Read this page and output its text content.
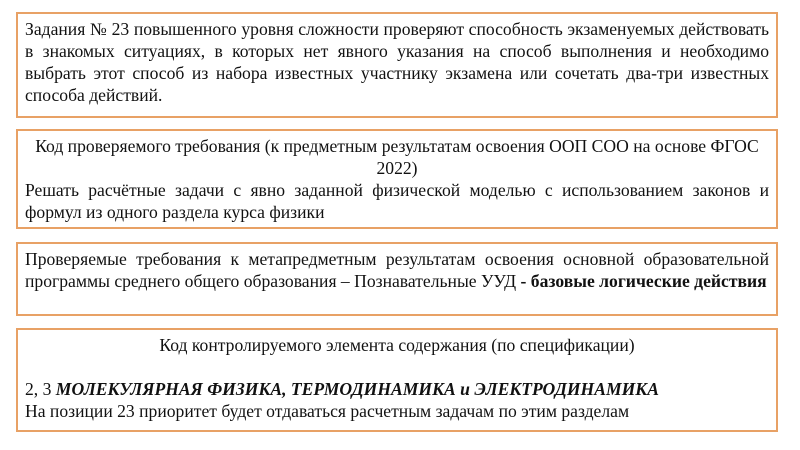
Задания № 23 повышенного уровня сложности проверяют способность экзаменуемых действовать в знакомых ситуациях, в которых нет явного указания на способ выполнения и необходимо выбрать этот способ из набора известных участнику экзамена или сочетать два-три известных способа действий.
Код проверяемого требования (к предметным результатам освоения ООП СОО на основе ФГОС 2022)
Решать расчётные задачи с явно заданной физической моделью с использованием законов и формул из одного раздела курса физики
Проверяемые требования к метапредметным результатам освоения основной образовательной программы среднего общего образования – Познавательные УУД - базовые логические действия
Код контролируемого элемента содержания (по спецификации)
2, 3 МОЛЕКУЛЯРНАЯ ФИЗИКА, ТЕРМОДИНАМИКА и ЭЛЕКТРОДИНАМИКА
На позиции 23 приоритет будет отдаваться расчетным задачам по этим разделам
